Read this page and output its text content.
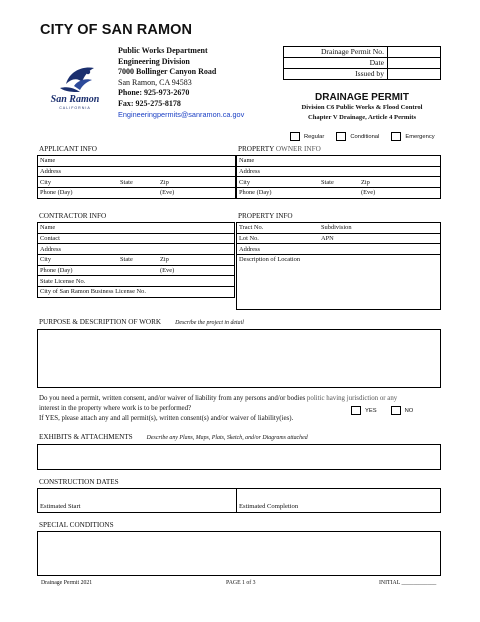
CITY OF SAN RAMON
San Ramon
CALIFORNIA
Public Works Department
Engineering Division
7000 Bollinger Canyon Road
San Ramon, CA 94583
Phone: 925-973-2670
Fax: 925-275-8178
Engineeringpermits@sanramon.ca.gov
Drainage Permit No.	
Date	
Issued by	
DRAINAGE PERMIT
Division C6 Public Works & Flood Control
Chapter V Drainage, Article 4 Permits
Regular	Conditional	Emergency
APPLICANT INFO	PROPERTY OWNER INFO
Name
Address
City	State	Zip
Phone (Day)	(Eve)
Name
Address
City	State	Zip
Phone (Day)	(Eve)
CONTRACTOR INFO	PROPERTY INFO
Name
Contact
Address
City	State	Zip
Phone (Day)	(Eve)
State License No.
City of San Ramon Business License No.
Tract No.	Subdivision
Lot No.	APN
Address
Description of Location
PURPOSE & DESCRIPTION OF WORK Describe the project in detail
Do you need a permit, written consent, and/or waiver of liability from any persons and/or bodies politic having jurisdiction or any
interest in the property where work is to be performed?
If YES, please attach any and all permit(s), written consent(s) and/or waiver of liability(ies).
YES	NO
EXHIBITS & ATTACHMENTS Describe any Plans, Maps, Plats, Sketch, and/or Diagrams attached
CONSTRUCTION DATES
Estimated Start	Estimated Completion
SPECIAL CONDITIONS
Drainage Permit 2021	PAGE 1 of 3	INITIAL ____________
